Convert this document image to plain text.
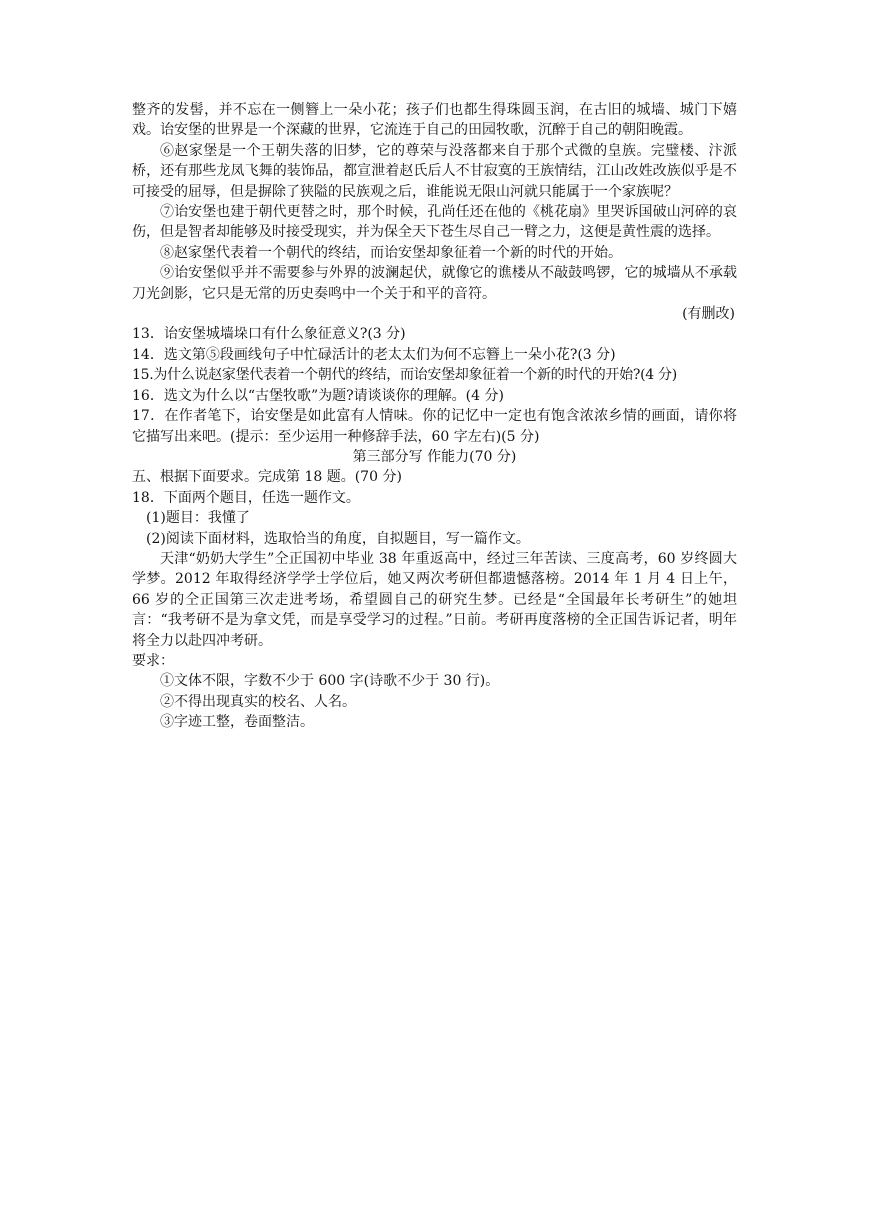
整齐的发髻，并不忘在一侧簪上一朵小花；孩子们也都生得珠圆玉润，在古旧的城墙、城门下嬉戏。诒安堡的世界是一个深藏的世界，它流连于自己的田园牧歌，沉醉于自己的朝阳晚霞。

⑥赵家堡是一个王朝失落的旧梦，它的尊荣与没落都来自于那个式微的皇族。完璧楼、汴派桥，还有那些龙凤飞舞的装饰品，都宣泄着赵氏后人不甘寂寞的王族情结，江山改姓改族似乎是不可接受的屈辱，但是摒除了狭隘的民族观之后，谁能说无限山河就只能属于一个家族呢？

⑦诒安堡也建于朝代更替之时，那个时候，孔尚任还在他的《桃花扇》里哭诉国破山河碎的哀伤，但是智者却能够及时接受现实，并为保全天下苍生尽自己一臂之力，这便是黄性震的选择。

⑧赵家堡代表着一个朝代的终结，而诒安堡却象征着一个新的时代的开始。

⑨诒安堡似乎并不需要参与外界的波澜起伏，就像它的谯楼从不敲鼓鸣锣，它的城墙从不承载刀光剑影，它只是无常的历史奏鸣中一个关于和平的音符。

(有删改)

13．诒安堡城墙垛口有什么象征意义?(3 分)

14．选文第⑤段画线句子中忙碌活计的老太太们为何不忘簪上一朵小花?(3 分)

15.为什么说赵家堡代表着一个朝代的终结，而诒安堡却象征着一个新的时代的开始?(4 分)

16．选文为什么以“古堡牧歌”为题?请谈谈你的理解。(4 分)

17．在作者笔下，诒安堡是如此富有人情味。你的记忆中一定也有饱含浓浓乡情的画面，请你将它描写出来吧。(提示：至少运用一种修辞手法，60 字左右)(5 分)

第三部分写 作能力(70 分)

五、根据下面要求。完成第 18 题。(70 分)

18．下面两个题目，任选一题作文。

(1)题目：我懂了

(2)阅读下面材料，选取恰当的角度，自拟题目，写一篇作文。

天津“奶奶大学生”仝正国初中毕业 38 年重返高中，经过三年苦读、三度高考，60 岁终圆大学梦。2012 年取得经济学学士学位后，她又两次考研但都遗憾落榜。2014 年 1 月 4 日上午，66 岁的仝正国第三次走进考场，希望圆自己的研究生梦。已经是“全国最年长考研生”的她坦言：“我考研不是为拿文凭，而是享受学习的过程。”日前。考研再度落榜的全正国告诉记者，明年将全力以赴四冲考研。

要求：

①文体不限，字数不少于 600 字(诗歌不少于 30 行)。

②不得出现真实的校名、人名。

③字迹工整，卷面整洁。
